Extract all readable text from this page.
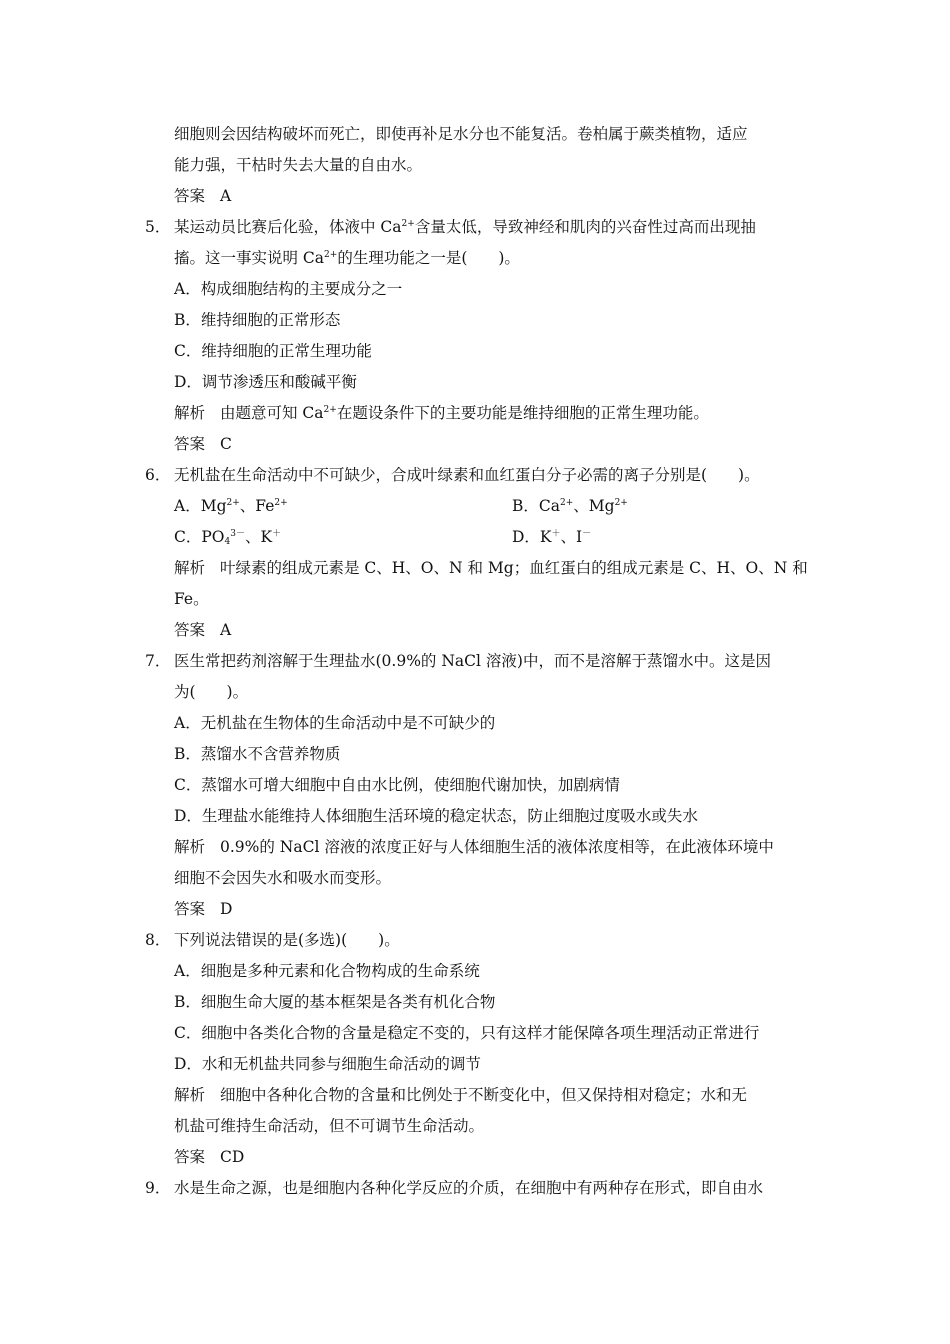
细胞则会因结构破坏而死亡，即使再补足水分也不能复活。卷柏属于蕨类植物，适应
能力强，干枯时失去大量的自由水。
答案 A
5． 某运动员比赛后化验，体液中 $Ca^{2+}$含量太低，导致神经和肌肉的兴奋性过高而出现抽
搐。这一事实说明 $Ca^{2+}$的生理功能之一是(　　)。
A．构成细胞结构的主要成分之一
B．维持细胞的正常形态
C．维持细胞的正常生理功能
D．调节渗透压和酸碱平衡
解析 由题意可知 $Ca^{2+}$在题设条件下的主要功能是维持细胞的正常生理功能。
答案 C
6． 无机盐在生命活动中不可缺少，合成叶绿素和血红蛋白分子必需的离子分别是(　　)。
A．$Mg^{2+}$、$Fe^{2+}$	B．$Ca^{2+}$、$Mg^{2+}$
C．$PO_4^{3-}$、K＋	D．K＋、I－
解析 叶绿素的组成元素是 C、H、O、N 和 Mg；血红蛋白的组成元素是 C、H、O、N 和
Fe。
答案 A
7． 医生常把药剂溶解于生理盐水(0.9%的 NaCl 溶液)中，而不是溶解于蒸馏水中。这是因
为(　　)。
A．无机盐在生物体的生命活动中是不可缺少的
B．蒸馏水不含营养物质
C．蒸馏水可增大细胞中自由水比例，使细胞代谢加快，加剧病情
D．生理盐水能维持人体细胞生活环境的稳定状态，防止细胞过度吸水或失水
解析 0.9%的 NaCl 溶液的浓度正好与人体细胞生活的液体浓度相等，在此液体环境中
细胞不会因失水和吸水而变形。
答案 D
8． 下列说法错误的是(多选)(　　)。
A．细胞是多种元素和化合物构成的生命系统
B．细胞生命大厦的基本框架是各类有机化合物
C．细胞中各类化合物的含量是稳定不变的，只有这样才能保障各项生理活动正常进行
D．水和无机盐共同参与细胞生命活动的调节
解析 细胞中各种化合物的含量和比例处于不断变化中，但又保持相对稳定；水和无
机盐可维持生命活动，但不可调节生命活动。
答案 CD
9． 水是生命之源，也是细胞内各种化学反应的介质，在细胞中有两种存在形式，即自由水
